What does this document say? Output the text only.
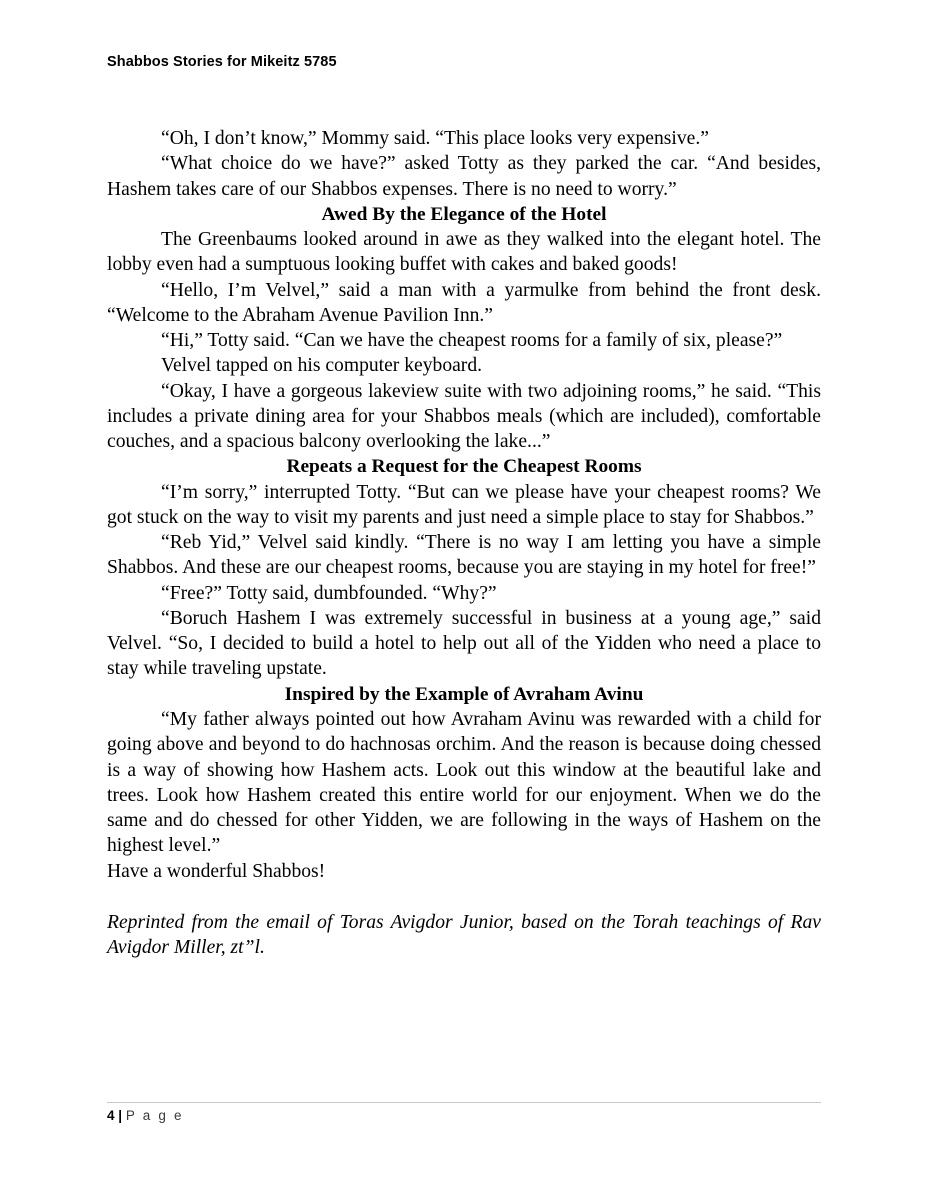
Shabbos Stories for Mikeitz 5785

“Oh, I don’t know,” Mommy said. “This place looks very expensive.”

“What choice do we have?” asked Totty as they parked the car. “And besides, Hashem takes care of our Shabbos expenses. There is no need to worry.”

Awed By the Elegance of the Hotel

The Greenbaums looked around in awe as they walked into the elegant hotel. The lobby even had a sumptuous looking buffet with cakes and baked goods!

“Hello, I’m Velvel,” said a man with a yarmulke from behind the front desk. “Welcome to the Abraham Avenue Pavilion Inn.”

“Hi,” Totty said. “Can we have the cheapest rooms for a family of six, please?”

Velvel tapped on his computer keyboard.

“Okay, I have a gorgeous lakeview suite with two adjoining rooms,” he said. “This includes a private dining area for your Shabbos meals (which are included), comfortable couches, and a spacious balcony overlooking the lake...”

Repeats a Request for the Cheapest Rooms

“I’m sorry,” interrupted Totty. “But can we please have your cheapest rooms? We got stuck on the way to visit my parents and just need a simple place to stay for Shabbos.”

“Reb Yid,” Velvel said kindly. “There is no way I am letting you have a simple Shabbos. And these are our cheapest rooms, because you are staying in my hotel for free!”

“Free?” Totty said, dumbfounded. “Why?”

“Boruch Hashem I was extremely successful in business at a young age,” said Velvel. “So, I decided to build a hotel to help out all of the Yidden who need a place to stay while traveling upstate.

Inspired by the Example of Avraham Avinu

“My father always pointed out how Avraham Avinu was rewarded with a child for going above and beyond to do hachnosas orchim. And the reason is because doing chessed is a way of showing how Hashem acts. Look out this window at the beautiful lake and trees. Look how Hashem created this entire world for our enjoyment. When we do the same and do chessed for other Yidden, we are following in the ways of Hashem on the highest level.”

Have a wonderful Shabbos!

Reprinted from the email of Toras Avigdor Junior, based on the Torah teachings of Rav Avigdor Miller, zt”l.

4 | P a g e
